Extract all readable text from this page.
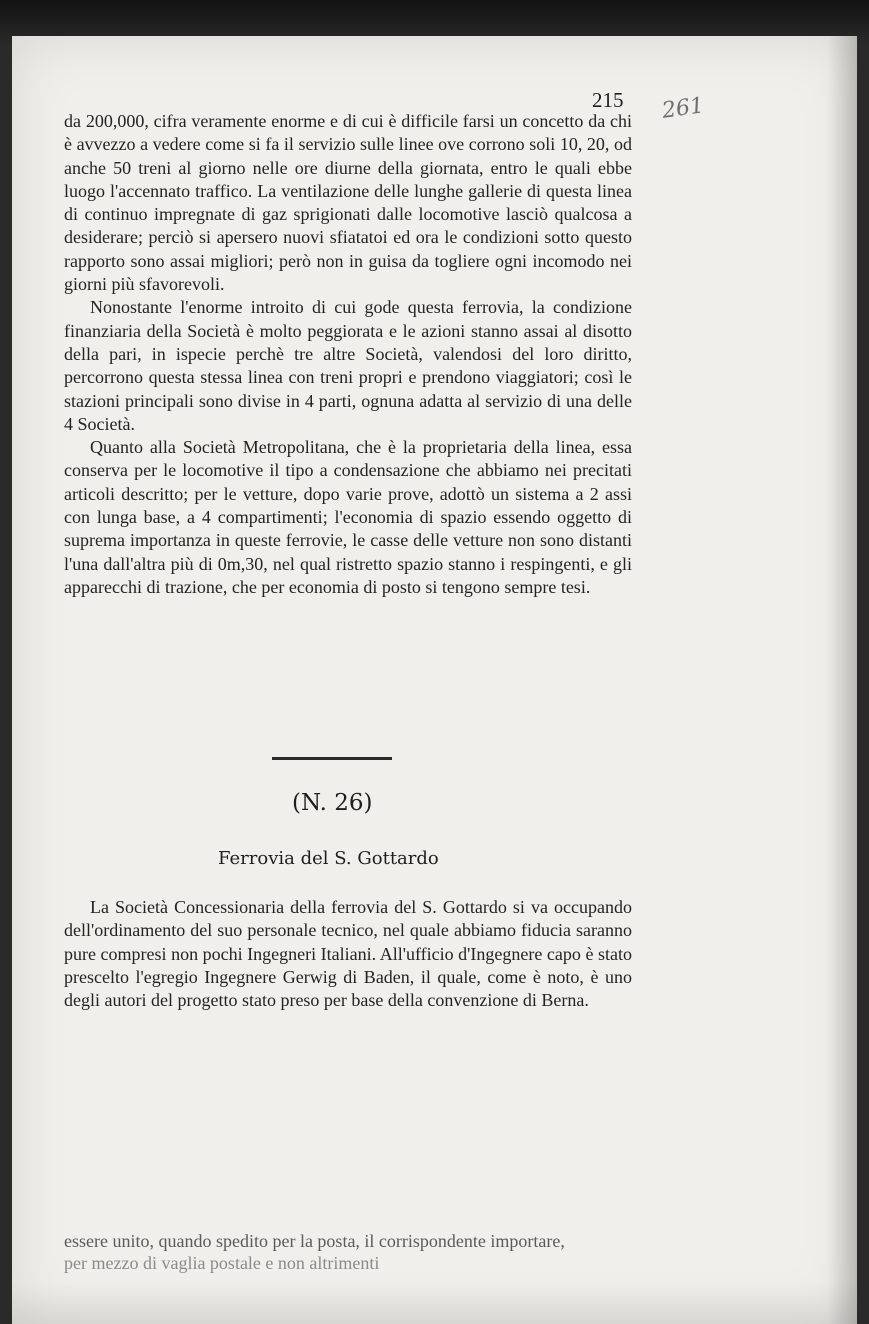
215 261

da 200,000, cifra veramente enorme e di cui è difficile farsi un concetto da chi è avvezzo a vedere come si fa il servizio sulle linee ove corrono soli 10, 20, od anche 50 treni al giorno nelle ore diurne della giornata, entro le quali ebbe luogo l'accennato traffico. La ventilazione delle lunghe gallerie di questa linea di continuo impregnate di gaz sprigionati dalle locomotive lasciò qualcosa a desiderare; perciò si apersero nuovi sfiatatoi ed ora le condizioni sotto questo rapporto sono assai migliori; però non in guisa da togliere ogni incomodo nei giorni più sfavorevoli.

Nonostante l'enorme introito di cui gode questa ferrovia, la condizione finanziaria della Società è molto peggiorata e le azioni stanno assai al disotto della pari, in ispecie perchè tre altre Società, valendosi del loro diritto, percorrono questa stessa linea con treni propri e prendono viaggiatori; così le stazioni principali sono divise in 4 parti, ognuna adatta al servizio di una delle 4 Società.

Quanto alla Società Metropolitana, che è la proprietaria della linea, essa conserva per le locomotive il tipo a condensazione che abbiamo nei precitati articoli descritto; per le vetture, dopo varie prove, adottò un sistema a 2 assi con lunga base, a 4 compartimenti; l'economia di spazio essendo oggetto di suprema importanza in queste ferrovie, le casse delle vetture non sono distanti l'una dall'altra più di 0m,30, nel qual ristretto spazio stanno i respingenti, e gli apparecchi di trazione, che per economia di posto si tengono sempre tesi.

(N. 26)
Ferrovia del S. Gottardo

La Società Concessionaria della ferrovia del S. Gottardo si va occupando dell'ordinamento del suo personale tecnico, nel quale abbiamo fiducia saranno pure compresi non pochi Ingegneri Italiani. All'ufficio d'Ingegnere capo è stato prescelto l'egregio Ingegnere Gerwig di Baden, il quale, come è noto, è uno degli autori del progetto stato preso per base della convenzione di Berna.

essere unito, quando spedito per la posta, il corrispondente importare,
per mezzo di vaglia postale e non altrimenti
